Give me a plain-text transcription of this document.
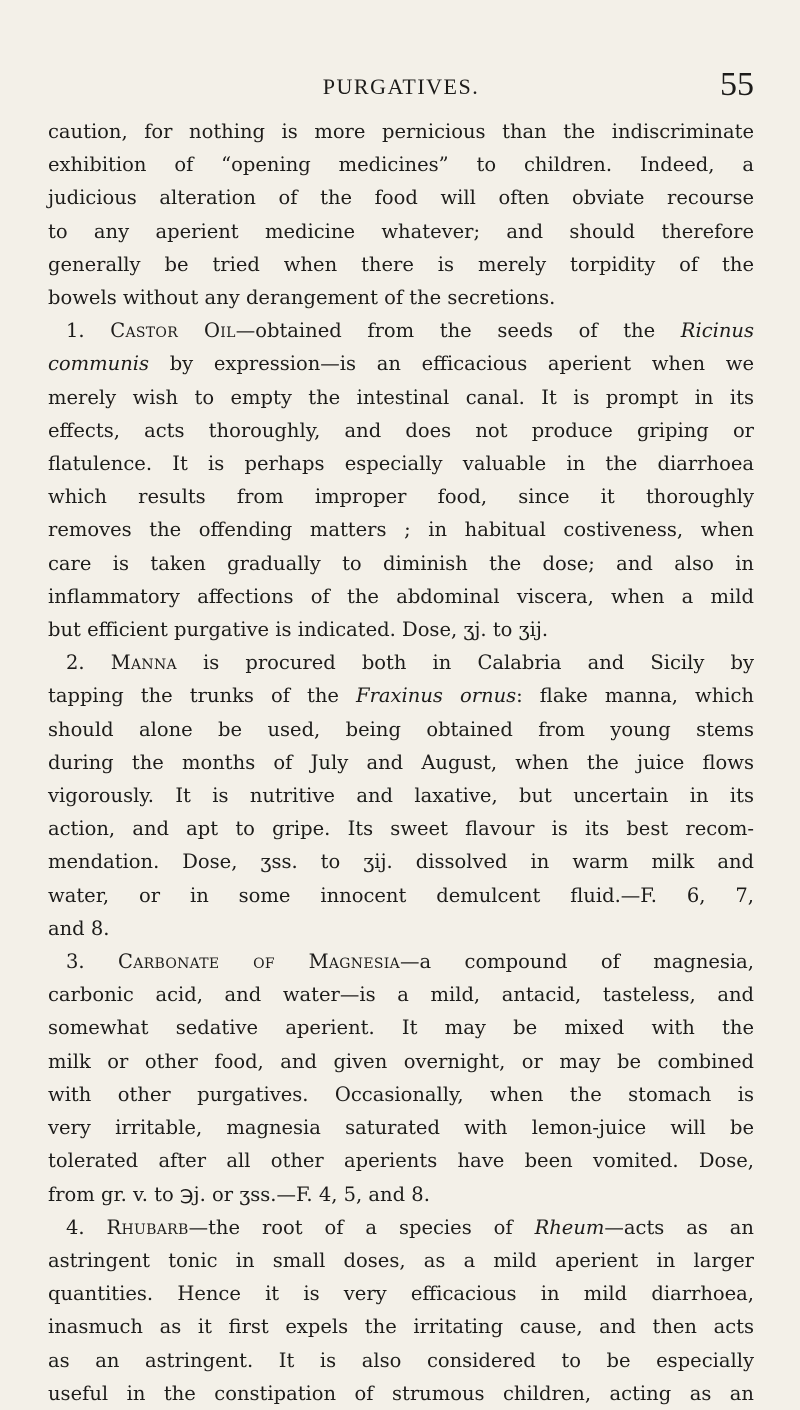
PURGATIVES.	55
caution, for nothing is more pernicious than the indiscriminate
exhibition of “opening medicines” to children. Indeed, a
judicious alteration of the food will often obviate recourse
to any aperient medicine whatever; and should therefore
generally be tried when there is merely torpidity of the
bowels without any derangement of the secretions.
1. Castor Oil—obtained from the seeds of the Ricinus
communis by expression—is an efficacious aperient when we
merely wish to empty the intestinal canal. It is prompt in its
effects, acts thoroughly, and does not produce griping or
flatulence. It is perhaps especially valuable in the diarrhoea
which results from improper food, since it thoroughly
removes the offending matters ; in habitual costiveness, when
care is taken gradually to diminish the dose; and also in
inflammatory affections of the abdominal viscera, when a mild
but efficient purgative is indicated. Dose, ʒj. to ʒij.
2. Manna is procured both in Calabria and Sicily by
tapping the trunks of the Fraxinus ornus: flake manna, which
should alone be used, being obtained from young stems
during the months of July and August, when the juice flows
vigorously. It is nutritive and laxative, but uncertain in its
action, and apt to gripe. Its sweet flavour is its best recom-
mendation. Dose, ʒss. to ʒij. dissolved in warm milk and
water, or in some innocent demulcent fluid.—F. 6, 7,
and 8.
3. Carbonate of Magnesia—a compound of magnesia,
carbonic acid, and water—is a mild, antacid, tasteless, and
somewhat sedative aperient. It may be mixed with the
milk or other food, and given overnight, or may be combined
with other purgatives. Occasionally, when the stomach is
very irritable, magnesia saturated with lemon-juice will be
tolerated after all other aperients have been vomited. Dose,
from gr. v. to ℈j. or ʒss.—F. 4, 5, and 8.
4. Rhubarb—the root of a species of Rheum—acts as an
astringent tonic in small doses, as a mild aperient in larger
quantities. Hence it is very efficacious in mild diarrhoea,
inasmuch as it first expels the irritating cause, and then acts
as an astringent. It is also considered to be especially
useful in the constipation of strumous children, acting as an
